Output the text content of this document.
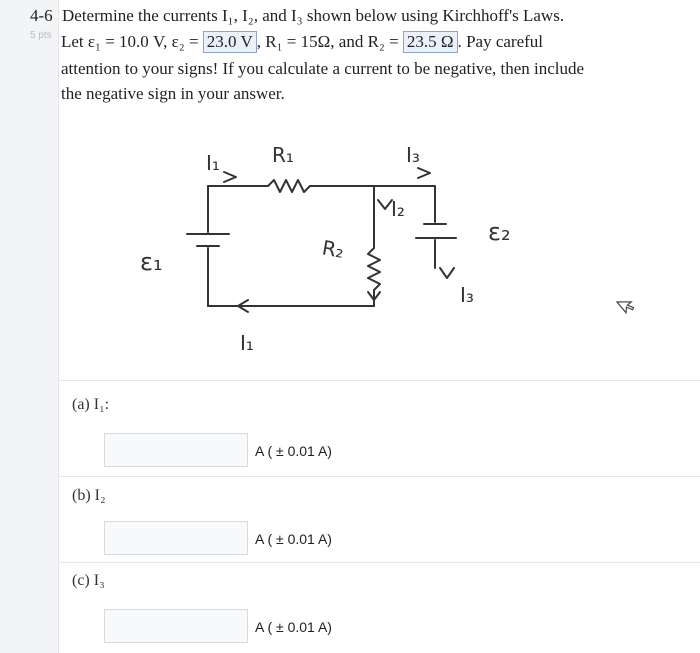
4-6
5 pts
Determine the currents I₁, I₂, and I₃ shown below using Kirchhoff's Laws.
Let ε₁ = 10.0 V, ε₂ = 23.0 V , R₁ = 15Ω, and R₂ = 23.5 Ω . Pay careful
attention to your signs! If you calculate a current to be negative, then include
the negative sign in your answer.
I₁	R₁	I₃
I₂
ε₂
ε₁	R₂
I₃
I₁
(a) I₁:
A ( ± 0.01 A)
(b) I₂
A ( ± 0.01 A)
(c) I₃
A ( ± 0.01 A)
